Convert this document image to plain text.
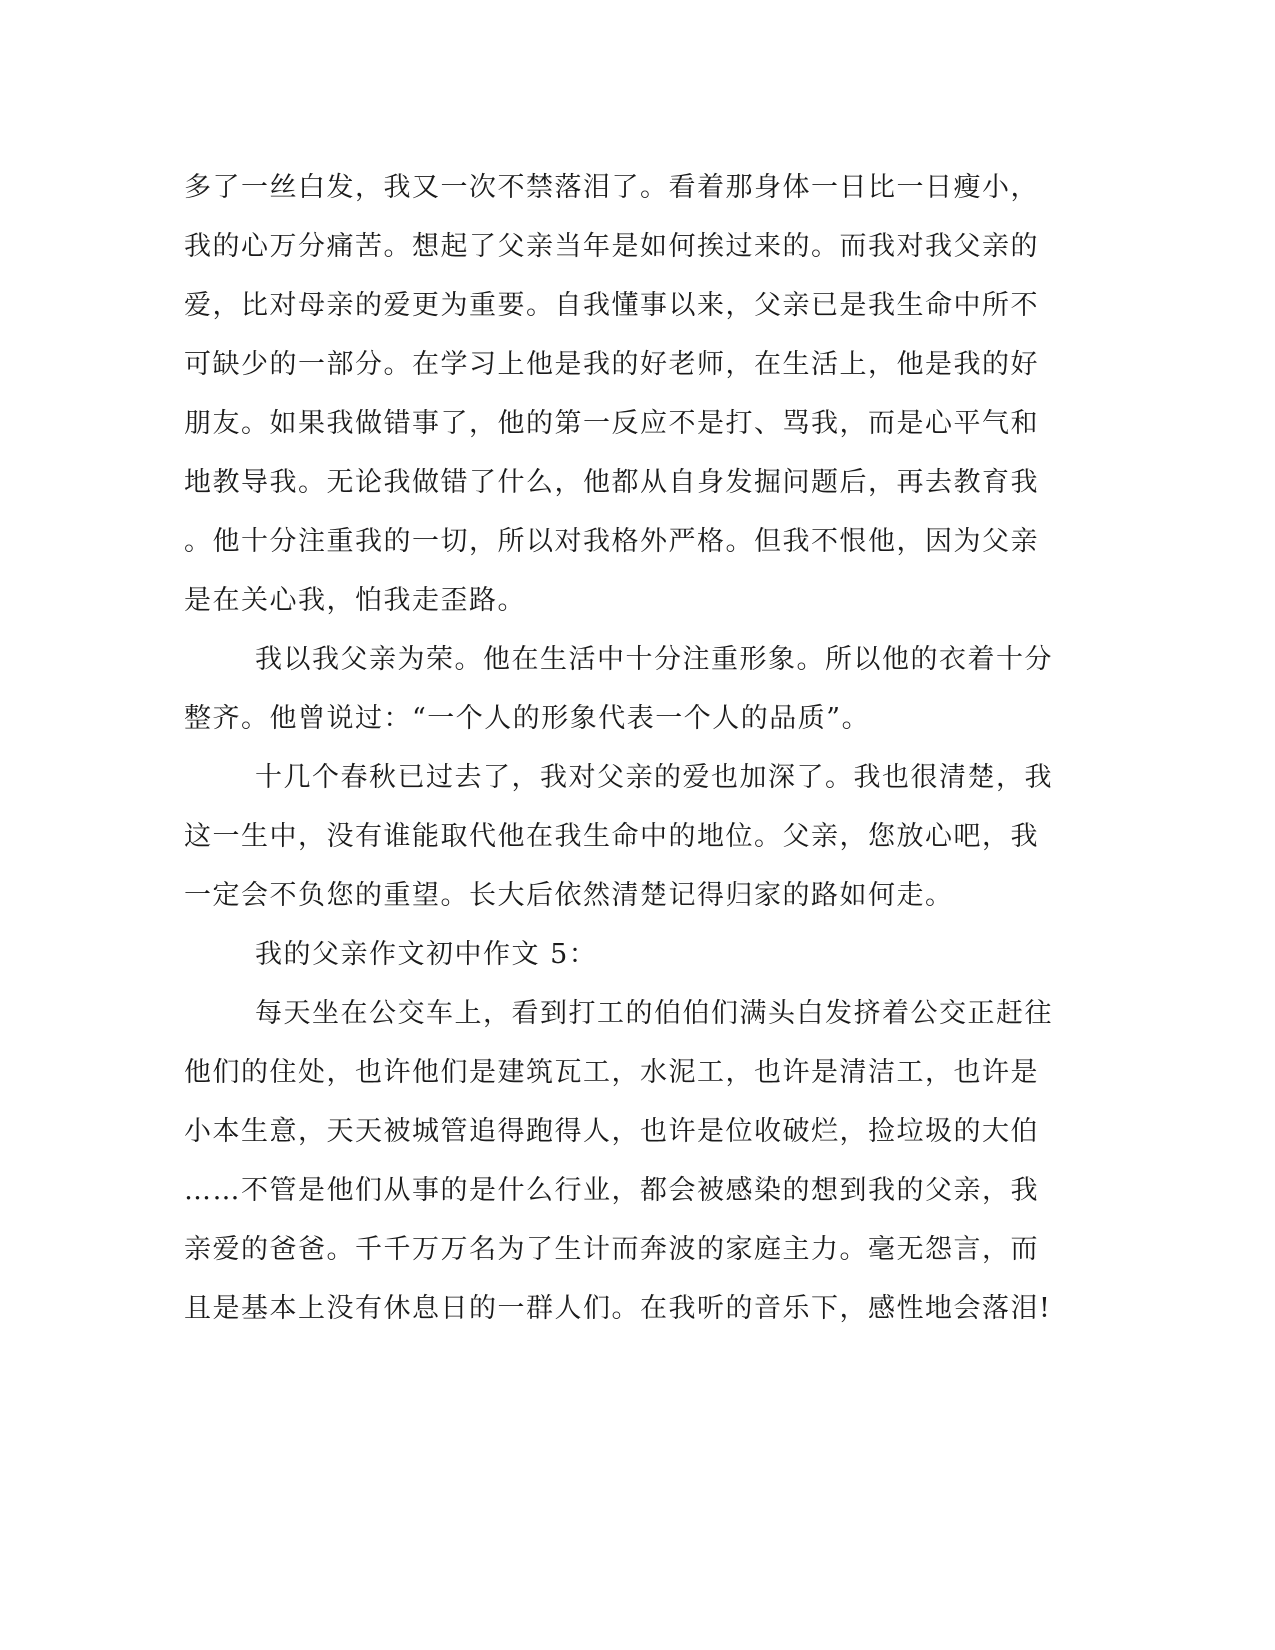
多了一丝白发，我又一次不禁落泪了。看着那身体一日比一日瘦小，
我的心万分痛苦。想起了父亲当年是如何挨过来的。而我对我父亲的
爱，比对母亲的爱更为重要。自我懂事以来，父亲已是我生命中所不
可缺少的一部分。在学习上他是我的好老师，在生活上，他是我的好
朋友。如果我做错事了，他的第一反应不是打、骂我，而是心平气和
地教导我。无论我做错了什么，他都从自身发掘问题后，再去教育我
。他十分注重我的一切，所以对我格外严格。但我不恨他，因为父亲
是在关心我，怕我走歪路。
我以我父亲为荣。他在生活中十分注重形象。所以他的衣着十分
整齐。他曾说过：“一个人的形象代表一个人的品质”。
十几个春秋已过去了，我对父亲的爱也加深了。我也很清楚，我
这一生中，没有谁能取代他在我生命中的地位。父亲，您放心吧，我
一定会不负您的重望。长大后依然清楚记得归家的路如何走。
我的父亲作文初中作文 5：
每天坐在公交车上，看到打工的伯伯们满头白发挤着公交正赶往
他们的住处，也许他们是建筑瓦工，水泥工，也许是清洁工，也许是
小本生意，天天被城管追得跑得人，也许是位收破烂，捡垃圾的大伯
……不管是他们从事的是什么行业，都会被感染的想到我的父亲，我
亲爱的爸爸。千千万万名为了生计而奔波的家庭主力。毫无怨言，而
且是基本上没有休息日的一群人们。在我听的音乐下，感性地会落泪!
